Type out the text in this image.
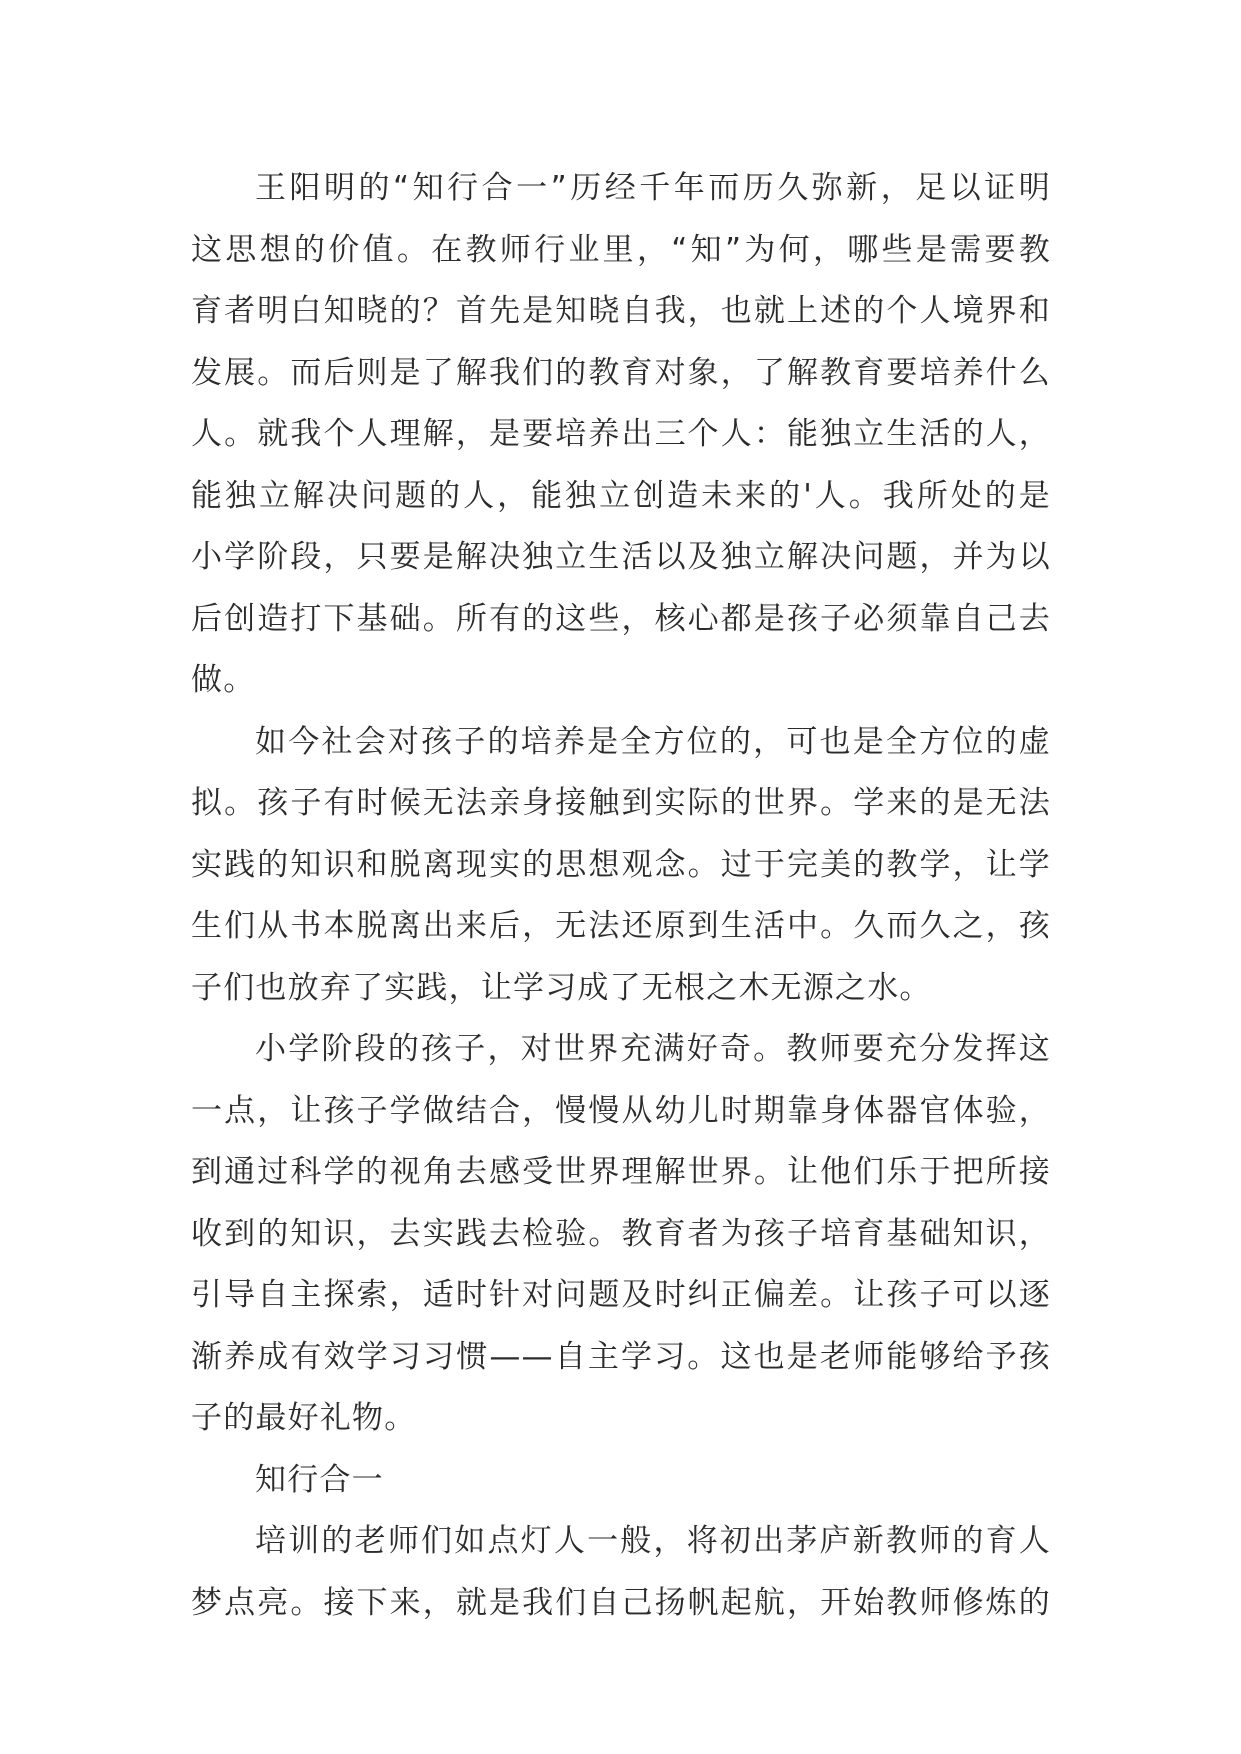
王阳明的“知行合一”历经千年而历久弥新，足以证明
这思想的价值。在教师行业里，“知”为何，哪些是需要教
育者明白知晓的？首先是知晓自我，也就上述的个人境界和
发展。而后则是了解我们的教育对象，了解教育要培养什么
人。就我个人理解，是要培养出三个人：能独立生活的人，
能独立解决问题的人，能独立创造未来的'人。我所处的是
小学阶段，只要是解决独立生活以及独立解决问题，并为以
后创造打下基础。所有的这些，核心都是孩子必须靠自己去
做。
如今社会对孩子的培养是全方位的，可也是全方位的虚
拟。孩子有时候无法亲身接触到实际的世界。学来的是无法
实践的知识和脱离现实的思想观念。过于完美的教学，让学
生们从书本脱离出来后，无法还原到生活中。久而久之，孩
子们也放弃了实践，让学习成了无根之木无源之水。
小学阶段的孩子，对世界充满好奇。教师要充分发挥这
一点，让孩子学做结合，慢慢从幼儿时期靠身体器官体验，
到通过科学的视角去感受世界理解世界。让他们乐于把所接
收到的知识，去实践去检验。教育者为孩子培育基础知识，
引导自主探索，适时针对问题及时纠正偏差。让孩子可以逐
渐养成有效学习习惯——自主学习。这也是老师能够给予孩
子的最好礼物。
知行合一
培训的老师们如点灯人一般，将初出茅庐新教师的育人
梦点亮。接下来，就是我们自己扬帆起航，开始教师修炼的
